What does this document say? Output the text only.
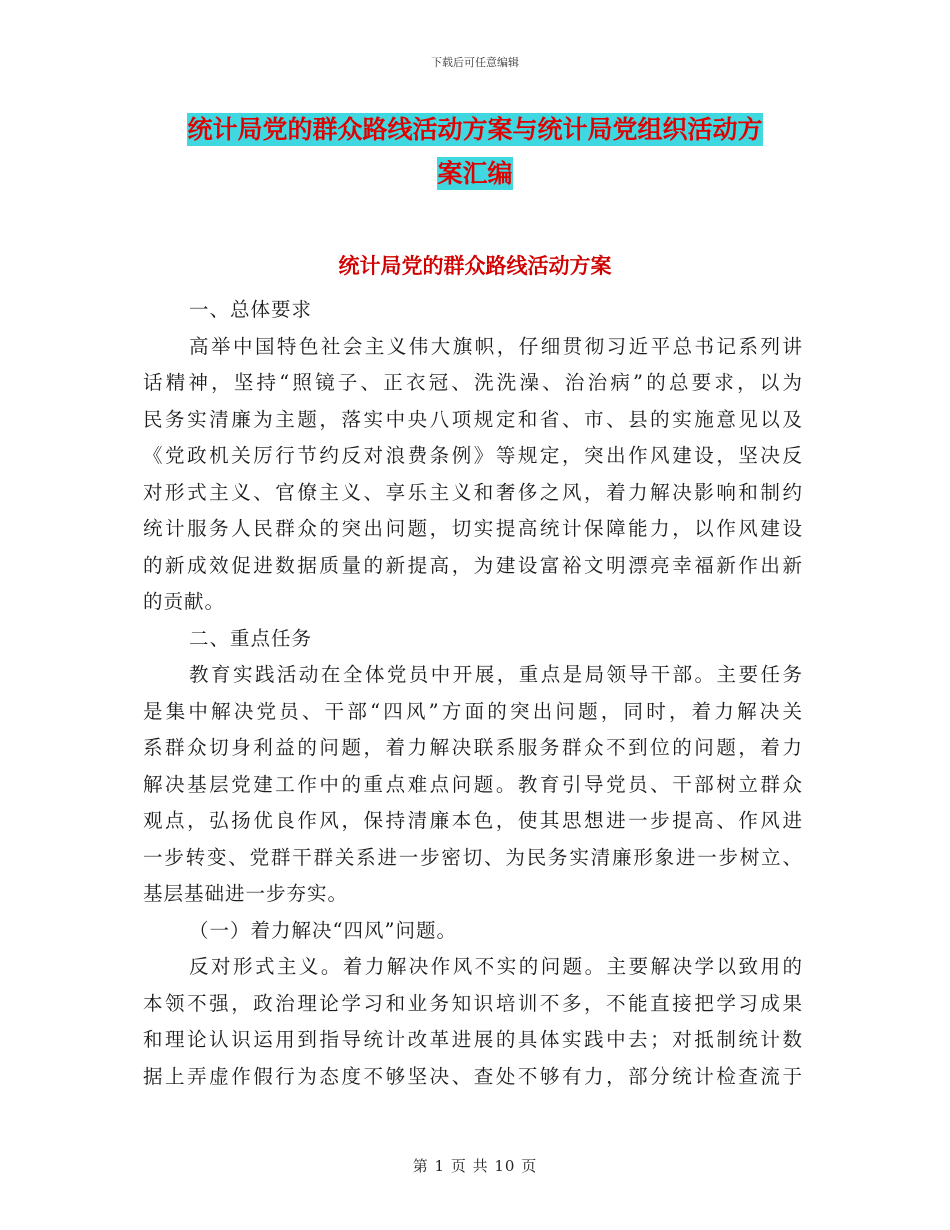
下载后可任意编辑
统计局党的群众路线活动方案与统计局党组织活动方
案汇编
统计局党的群众路线活动方案
一、总体要求
高举中国特色社会主义伟大旗帜，仔细贯彻习近平总书记系列讲
话精神，坚持“照镜子、正衣冠、洗洗澡、治治病”的总要求，以为
民务实清廉为主题，落实中央八项规定和省、市、县的实施意见以及
《党政机关厉行节约反对浪费条例》等规定，突出作风建设，坚决反
对形式主义、官僚主义、享乐主义和奢侈之风，着力解决影响和制约
统计服务人民群众的突出问题，切实提高统计保障能力，以作风建设
的新成效促进数据质量的新提高，为建设富裕文明漂亮幸福新作出新
的贡献。
二、重点任务
教育实践活动在全体党员中开展，重点是局领导干部。主要任务
是集中解决党员、干部“四风”方面的突出问题，同时，着力解决关
系群众切身利益的问题，着力解决联系服务群众不到位的问题，着力
解决基层党建工作中的重点难点问题。教育引导党员、干部树立群众
观点，弘扬优良作风，保持清廉本色，使其思想进一步提高、作风进
一步转变、党群干群关系进一步密切、为民务实清廉形象进一步树立、
基层基础进一步夯实。
（一）着力解决“四风”问题。
反对形式主义。着力解决作风不实的问题。主要解决学以致用的
本领不强，政治理论学习和业务知识培训不多，不能直接把学习成果
和理论认识运用到指导统计改革进展的具体实践中去；对抵制统计数
据上弄虚作假行为态度不够坚决、查处不够有力，部分统计检查流于
第 1 页 共 10 页
